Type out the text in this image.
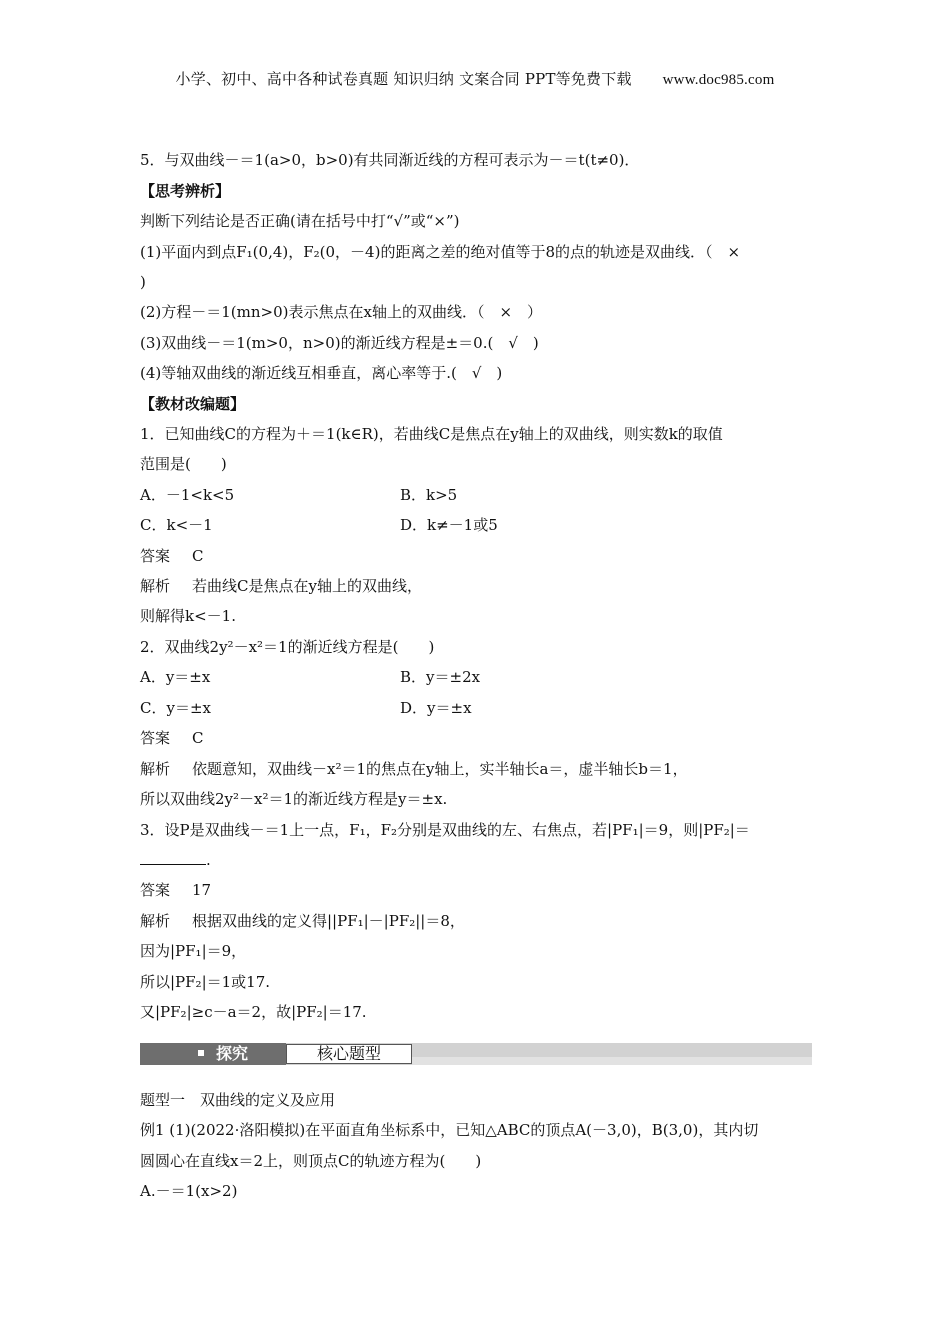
小学、初中、高中各种试卷真题 知识归纳 文案合同 PPT等免费下载 www.doc985.com
5．与双曲线－＝1(a>0，b>0)有共同渐近线的方程可表示为－＝t(t≠0)．
【思考辨析】
判断下列结论是否正确(请在括号中打“√”或“×”)
(1)平面内到点F₁(0,4)，F₂(0，－4)的距离之差的绝对值等于8的点的轨迹是双曲线．（　×
)
(2)方程－＝1(mn>0)表示焦点在x轴上的双曲线．（　×　）
(3)双曲线－＝1(m>0，n>0)的渐近线方程是±＝0.(　√　)
(4)等轴双曲线的渐近线互相垂直，离心率等于.(　√　)
【教材改编题】
1．已知曲线C的方程为＋＝1(k∈R)，若曲线C是焦点在y轴上的双曲线，则实数k的取值
范围是(　　)
A．－1<k<5	B．k>5
C．k<－1	D．k≠－1或5
答案 C
解析 若曲线C是焦点在y轴上的双曲线，
则解得k<－1.
2．双曲线2y²－x²＝1的渐近线方程是(　　)
A．y＝±x	B．y＝±2x
C．y＝±x	D．y＝±x
答案 C
解析 依题意知，双曲线－x²＝1的焦点在y轴上，实半轴长a＝，虚半轴长b＝1，
所以双曲线2y²－x²＝1的渐近线方程是y＝±x.
3．设P是双曲线－＝1上一点，F₁，F₂分别是双曲线的左、右焦点，若|PF₁|＝9，则|PF₂|＝
.
答案 17
解析 根据双曲线的定义得||PF₁|－|PF₂||＝8，
因为|PF₁|＝9，
所以|PF₂|＝1或17.
又|PF₂|≥c－a＝2，故|PF₂|＝17.
探究	核心题型
题型一　双曲线的定义及应用
例1 (1)(2022·洛阳模拟)在平面直角坐标系中，已知△ABC的顶点A(－3,0)，B(3,0)，其内切
圆圆心在直线x＝2上，则顶点C的轨迹方程为(　　)
A.－＝1(x>2)
